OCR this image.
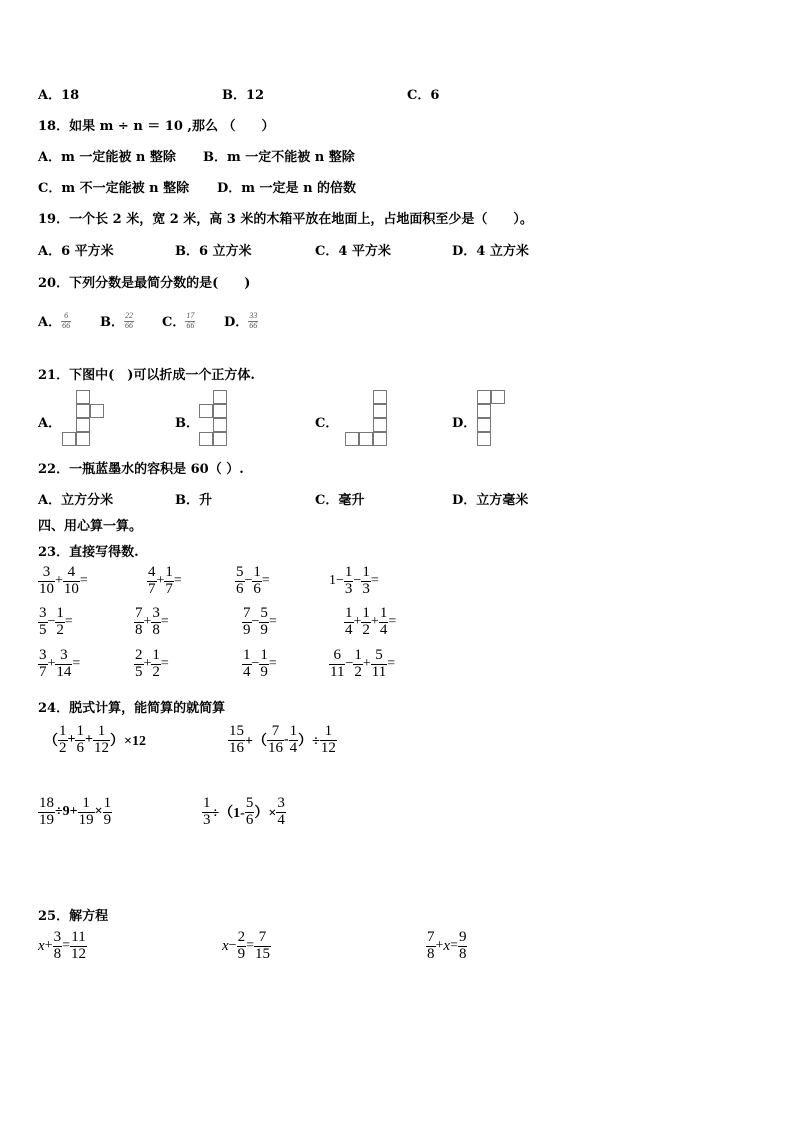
A．18	B．12	C．6
18．如果 m ÷ n ＝ 10 ,那么 （　　）
A．m 一定能被 n 整除 B．m 一定不能被 n 整除
C．m 不一定能被 n 整除 D．m 一定是 n 的倍数
19．一个长 2 米，宽 2 米，高 3 米的木箱平放在地面上，占地面积至少是（　　）。
A．6 平方米	B．6 立方米	C．4 平方米	D．4 立方米
20．下列分数是最简分数的是(　　)
A． $\frac{6}{66}$ B． $\frac{22}{66}$ C． $\frac{17}{66}$ D． $\frac{33}{66}$
21．下图中(　)可以折成一个正方体.
A．	B．	C．	D．
22．一瓶蓝墨水的容积是 60（ ）.
A．立方分米	B．升	C．毫升	D．立方毫米
四、用心算一算。
23．直接写得数.
$\frac{3}{10} + \frac{4}{10}$ =	$\frac{4}{7} + \frac{1}{7}$ =	$\frac{5}{6} - \frac{1}{6}$ =	$1- \frac{1}{3} - \frac{1}{3}$ =
$\frac{3}{5} - \frac{1}{2}$ =	$\frac{7}{8} + \frac{3}{8}$ =	$\frac{7}{9} - \frac{5}{9}$ =	$\frac{1}{4} + \frac{1}{2} + \frac{1}{4}$ =
$\frac{3}{7} + \frac{3}{14}$ =	$\frac{2}{5} + \frac{1}{2}$ =	$\frac{1}{4} - \frac{1}{9}$ =	$\frac{6}{11} - \frac{1}{2} + \frac{5}{11}$ =
24．脱式计算，能简算的就简算
（ $\frac{1}{2} + \frac{1}{6} + \frac{1}{12} )\times 12$	$\frac{15}{16}$ +（ $\frac{7}{16} - \frac{1}{4}$ ）÷ $\frac{1}{12}$
$\frac{18}{19} \div 9+ \frac{1}{19} \times \frac{1}{9}$	$\frac{1}{3} \div(1- \frac{5}{6}$ ）× $\frac{3}{4}$
25．解方程
$x+ \frac{3}{8} = \frac{11}{12}$	$x- \frac{2}{9} = \frac{7}{15}$	$\frac{7}{8} +x= \frac{9}{8}$
